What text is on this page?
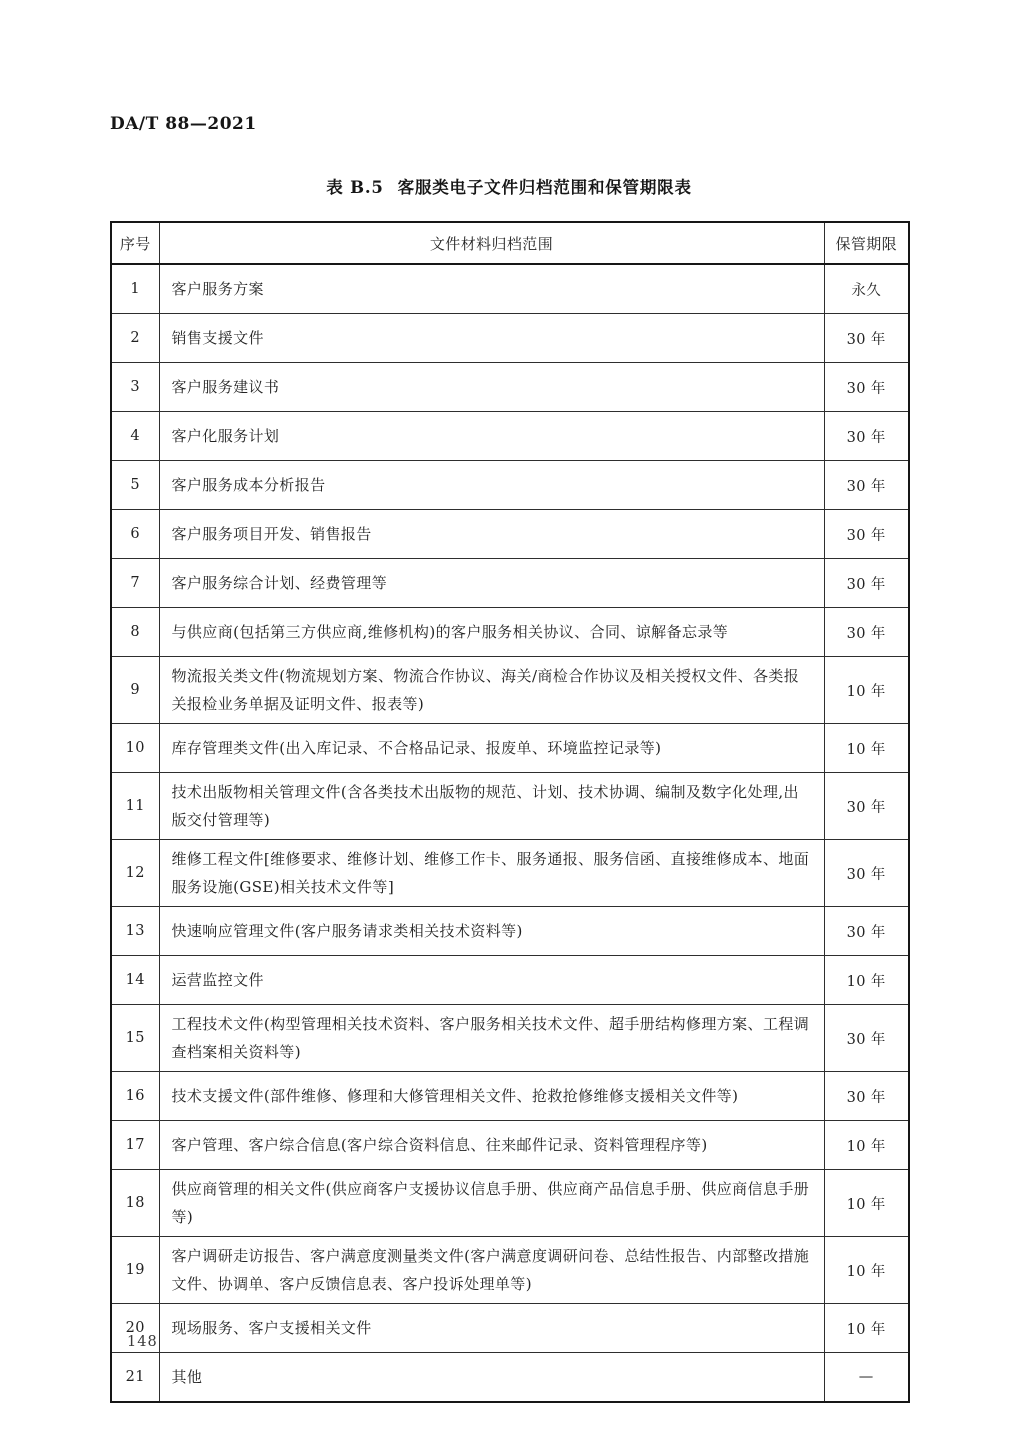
DA/T 88—2021
表 B.5 客服类电子文件归档范围和保管期限表
序号	文件材料归档范围	保管期限
1	客户服务方案	永久
2	销售支援文件	30 年
3	客户服务建议书	30 年
4	客户化服务计划	30 年
5	客户服务成本分析报告	30 年
6	客户服务项目开发、销售报告	30 年
7	客户服务综合计划、经费管理等	30 年
8	与供应商(包括第三方供应商,维修机构)的客户服务相关协议、合同、谅解备忘录等	30 年
9	物流报关类文件(物流规划方案、物流合作协议、海关/商检合作协议及相关授权文件、各类报关报检业务单据及证明文件、报表等)	10 年
10	库存管理类文件(出入库记录、不合格品记录、报废单、环境监控记录等)	10 年
11	技术出版物相关管理文件(含各类技术出版物的规范、计划、技术协调、编制及数字化处理,出版交付管理等)	30 年
12	维修工程文件[维修要求、维修计划、维修工作卡、服务通报、服务信函、直接维修成本、地面服务设施(GSE)相关技术文件等]	30 年
13	快速响应管理文件(客户服务请求类相关技术资料等)	30 年
14	运营监控文件	10 年
15	工程技术文件(构型管理相关技术资料、客户服务相关技术文件、超手册结构修理方案、工程调查档案相关资料等)	30 年
16	技术支援文件(部件维修、修理和大修管理相关文件、抢救抢修维修支援相关文件等)	30 年
17	客户管理、客户综合信息(客户综合资料信息、往来邮件记录、资料管理程序等)	10 年
18	供应商管理的相关文件(供应商客户支援协议信息手册、供应商产品信息手册、供应商信息手册等)	10 年
19	客户调研走访报告、客户满意度测量类文件(客户满意度调研问卷、总结性报告、内部整改措施文件、协调单、客户反馈信息表、客户投诉处理单等)	10 年
20	现场服务、客户支援相关文件	10 年
21	其他	—
148
